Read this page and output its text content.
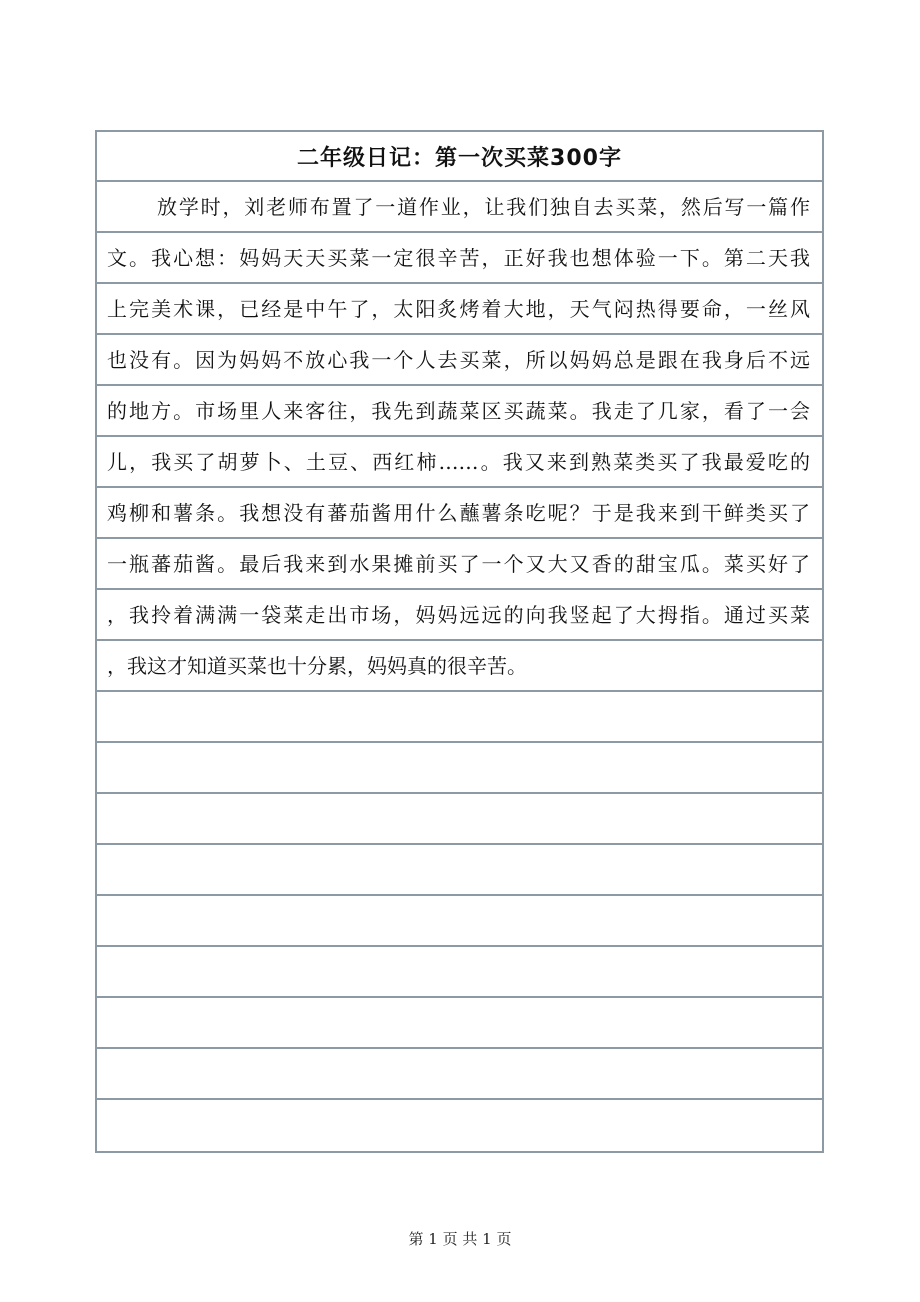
二年级日记：第一次买菜300字
放学时，刘老师布置了一道作业，让我们独自去买菜，然后写一篇作
文。我心想：妈妈天天买菜一定很辛苦，正好我也想体验一下。第二天我
上完美术课，已经是中午了，太阳炙烤着大地，天气闷热得要命，一丝风
也没有。因为妈妈不放心我一个人去买菜，所以妈妈总是跟在我身后不远
的地方。市场里人来客往，我先到蔬菜区买蔬菜。我走了几家，看了一会
儿，我买了胡萝卜、土豆、西红柿……。我又来到熟菜类买了我最爱吃的
鸡柳和薯条。我想没有蕃茄酱用什么蘸薯条吃呢？于是我来到干鲜类买了
一瓶蕃茄酱。最后我来到水果摊前买了一个又大又香的甜宝瓜。菜买好了
，我拎着满满一袋菜走出市场，妈妈远远的向我竖起了大拇指。通过买菜
，我这才知道买菜也十分累，妈妈真的很辛苦。
第 1 页 共 1 页
